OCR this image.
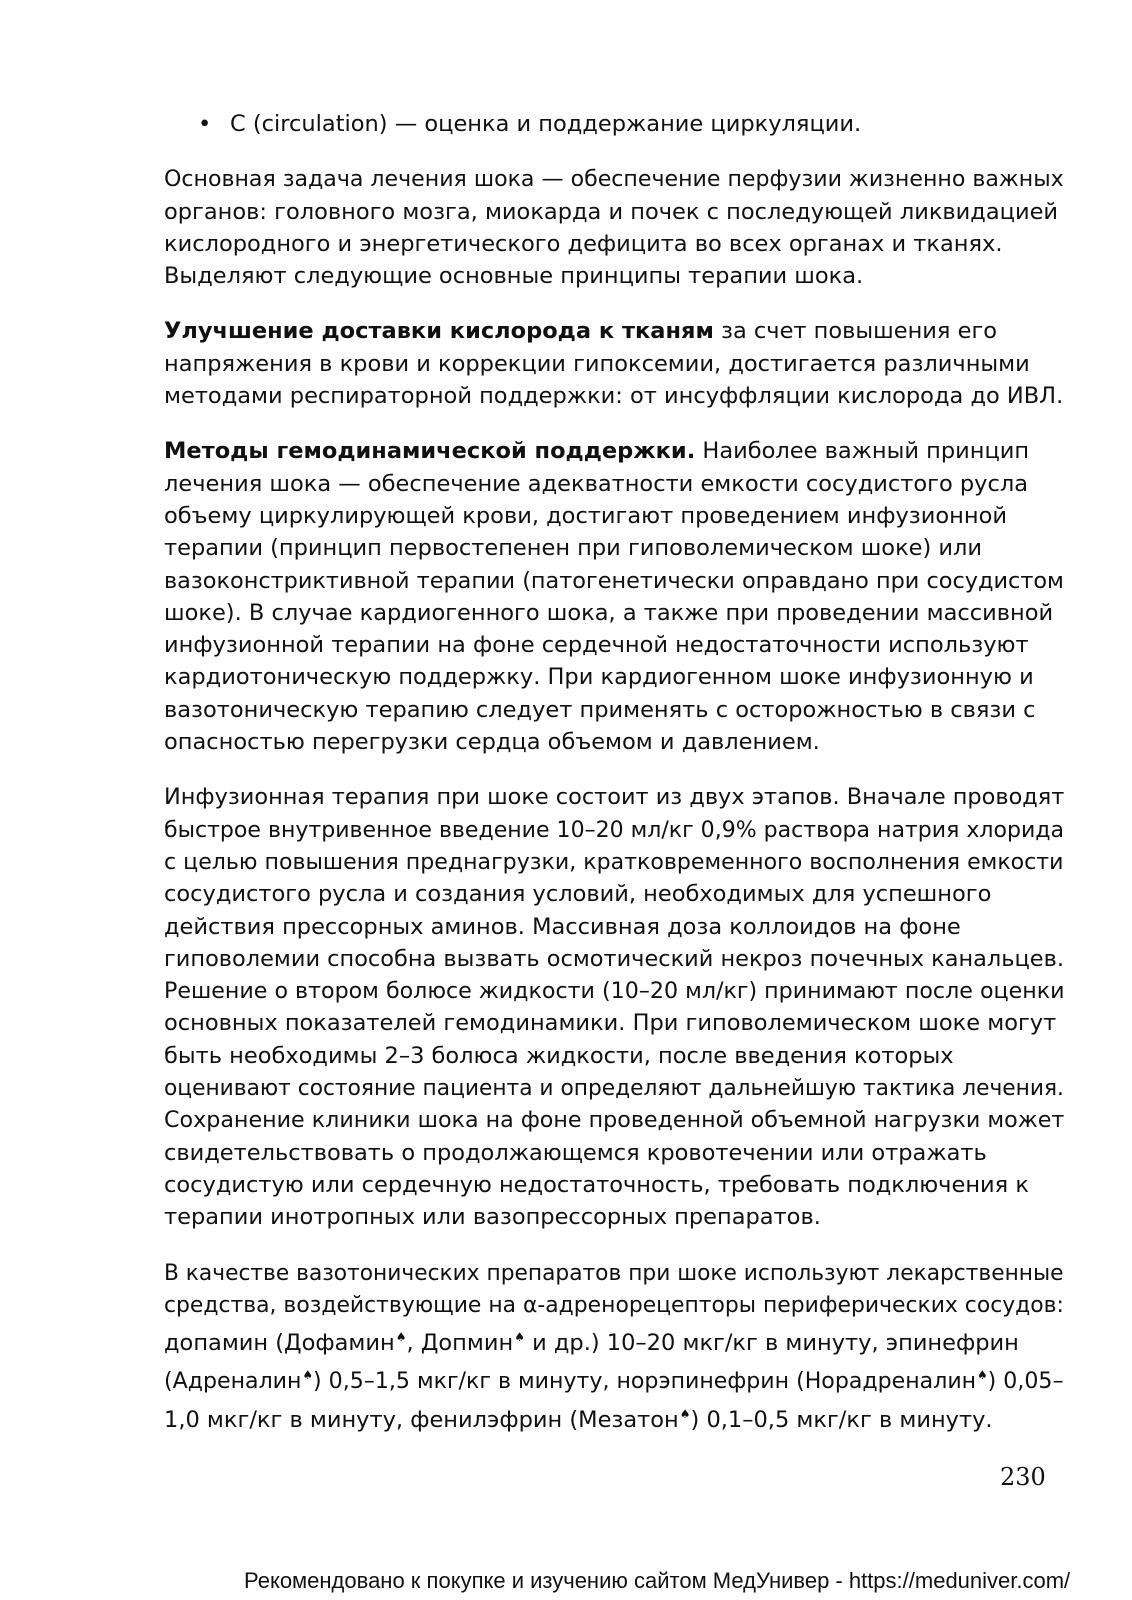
• C (circulation) — оценка и поддержание циркуляции.
Основная задача лечения шока — обеспечение перфузии жизненно важных
органов: головного мозга, миокарда и почек с последующей ликвидацией
кислородного и энергетического дефицита во всех органах и тканях.
Выделяют следующие основные принципы терапии шока.
Улучшение доставки кислорода к тканям за счет повышения его
напряжения в крови и коррекции гипоксемии, достигается различными
методами респираторной поддержки: от инсуффляции кислорода до ИВЛ.
Методы гемодинамической поддержки. Наиболее важный принцип
лечения шока — обеспечение адекватности емкости сосудистого русла
объему циркулирующей крови, достигают проведением инфузионной
терапии (принцип первостепенен при гиповолемическом шоке) или
вазоконстриктивной терапии (патогенетически оправдано при сосудистом
шоке). В случае кардиогенного шока, а также при проведении массивной
инфузионной терапии на фоне сердечной недостаточности используют
кардиотоническую поддержку. При кардиогенном шоке инфузионную и
вазотоническую терапию следует применять с осторожностью в связи с
опасностью перегрузки сердца объемом и давлением.
Инфузионная терапия при шоке состоит из двух этапов. Вначале проводят
быстрое внутривенное введение 10–20 мл/кг 0,9% раствора натрия хлорида
с целью повышения преднагрузки, кратковременного восполнения емкости
сосудистого русла и создания условий, необходимых для успешного
действия прессорных аминов. Массивная доза коллоидов на фоне
гиповолемии способна вызвать осмотический некроз почечных канальцев.
Решение о втором болюсе жидкости (10–20 мл/кг) принимают после оценки
основных показателей гемодинамики. При гиповолемическом шоке могут
быть необходимы 2–3 болюса жидкости, после введения которых
оценивают состояние пациента и определяют дальнейшую тактика лечения.
Сохранение клиники шока на фоне проведенной объемной нагрузки может
свидетельствовать о продолжающемся кровотечении или отражать
сосудистую или сердечную недостаточность, требовать подключения к
терапии инотропных или вазопрессорных препаратов.
В качестве вазотонических препаратов при шоке используют лекарственные
средства, воздействующие на α-адренорецепторы периферических сосудов:
допамин (Дофамин♠, Допмин♠ и др.) 10–20 мкг/кг в минуту, эпинефрин
(Адреналин♠) 0,5–1,5 мкг/кг в минуту, норэпинефрин (Норадреналин♠) 0,05–
1,0 мкг/кг в минуту, фенилэфрин (Мезатон♠) 0,1–0,5 мкг/кг в минуту.
230
Рекомендовано к покупке и изучению сайтом МедУнивер - https://meduniver.com/
